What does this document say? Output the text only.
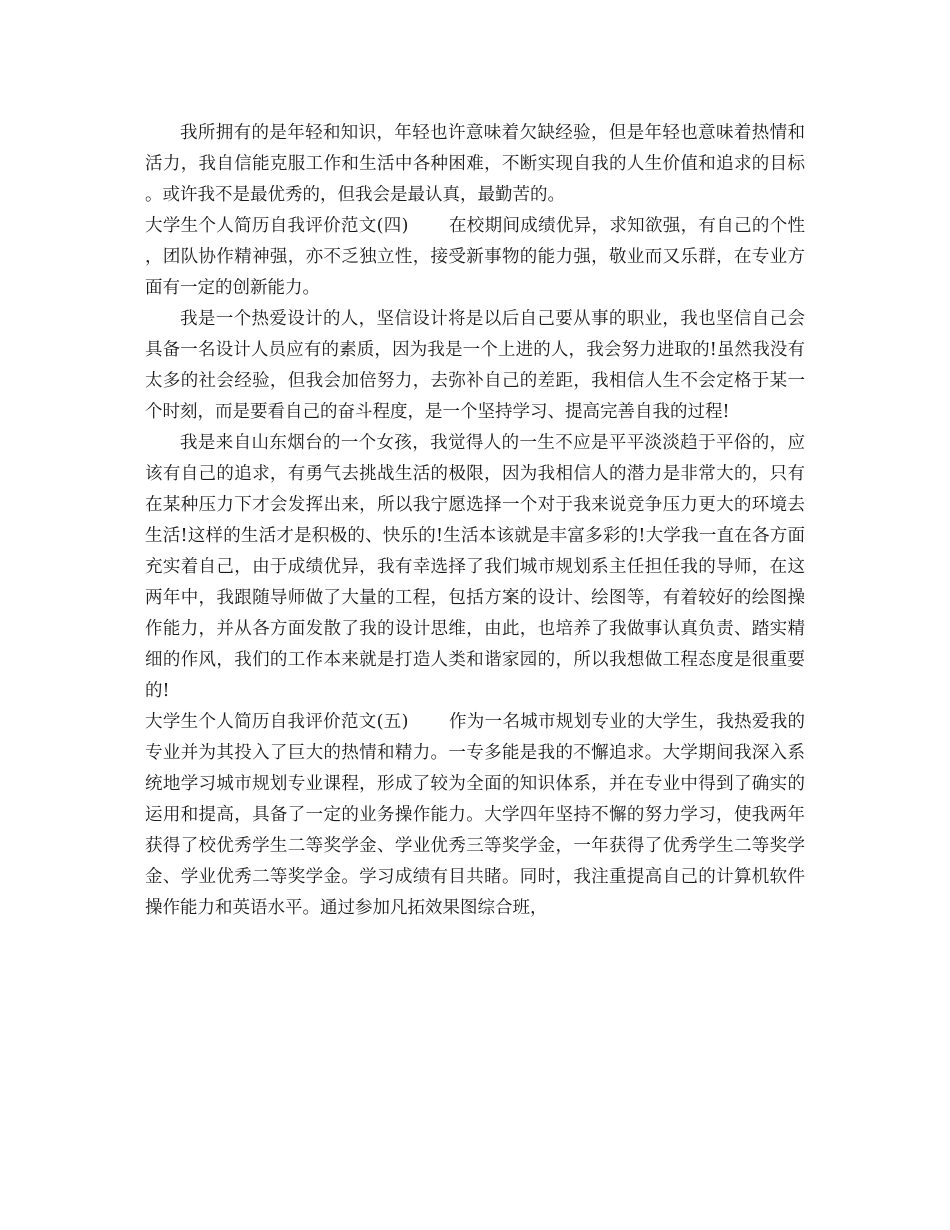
我所拥有的是年轻和知识，年轻也许意味着欠缺经验，但是年轻也意味着热情和活力，我自信能克服工作和生活中各种困难，不断实现自我的人生价值和追求的目标。或许我不是最优秀的，但我会是最认真，最勤苦的。

大学生个人简历自我评价范文(四) 在校期间成绩优异，求知欲强，有自己的个性，团队协作精神强，亦不乏独立性，接受新事物的能力强，敬业而又乐群，在专业方面有一定的创新能力。

我是一个热爱设计的人，坚信设计将是以后自己要从事的职业，我也坚信自己会具备一名设计人员应有的素质，因为我是一个上进的人，我会努力进取的!虽然我没有太多的社会经验，但我会加倍努力，去弥补自己的差距，我相信人生不会定格于某一个时刻，而是要看自己的奋斗程度，是一个坚持学习、提高完善自我的过程!

我是来自山东烟台的一个女孩，我觉得人的一生不应是平平淡淡趋于平俗的，应该有自己的追求，有勇气去挑战生活的极限，因为我相信人的潜力是非常大的，只有在某种压力下才会发挥出来，所以我宁愿选择一个对于我来说竞争压力更大的环境去生活!这样的生活才是积极的、快乐的!生活本该就是丰富多彩的!大学我一直在各方面充实着自己，由于成绩优异，我有幸选择了我们城市规划系主任担任我的导师，在这两年中，我跟随导师做了大量的工程，包括方案的设计、绘图等，有着较好的绘图操作能力，并从各方面发散了我的设计思维，由此，也培养了我做事认真负责、踏实精细的作风，我们的工作本来就是打造人类和谐家园的，所以我想做工程态度是很重要的!

大学生个人简历自我评价范文(五) 作为一名城市规划专业的大学生，我热爱我的专业并为其投入了巨大的热情和精力。一专多能是我的不懈追求。大学期间我深入系统地学习城市规划专业课程，形成了较为全面的知识体系，并在专业中得到了确实的运用和提高，具备了一定的业务操作能力。大学四年坚持不懈的努力学习，使我两年获得了校优秀学生二等奖学金、学业优秀三等奖学金，一年获得了优秀学生二等奖学金、学业优秀二等奖学金。学习成绩有目共睹。同时，我注重提高自己的计算机软件操作能力和英语水平。通过参加凡拓效果图综合班，
